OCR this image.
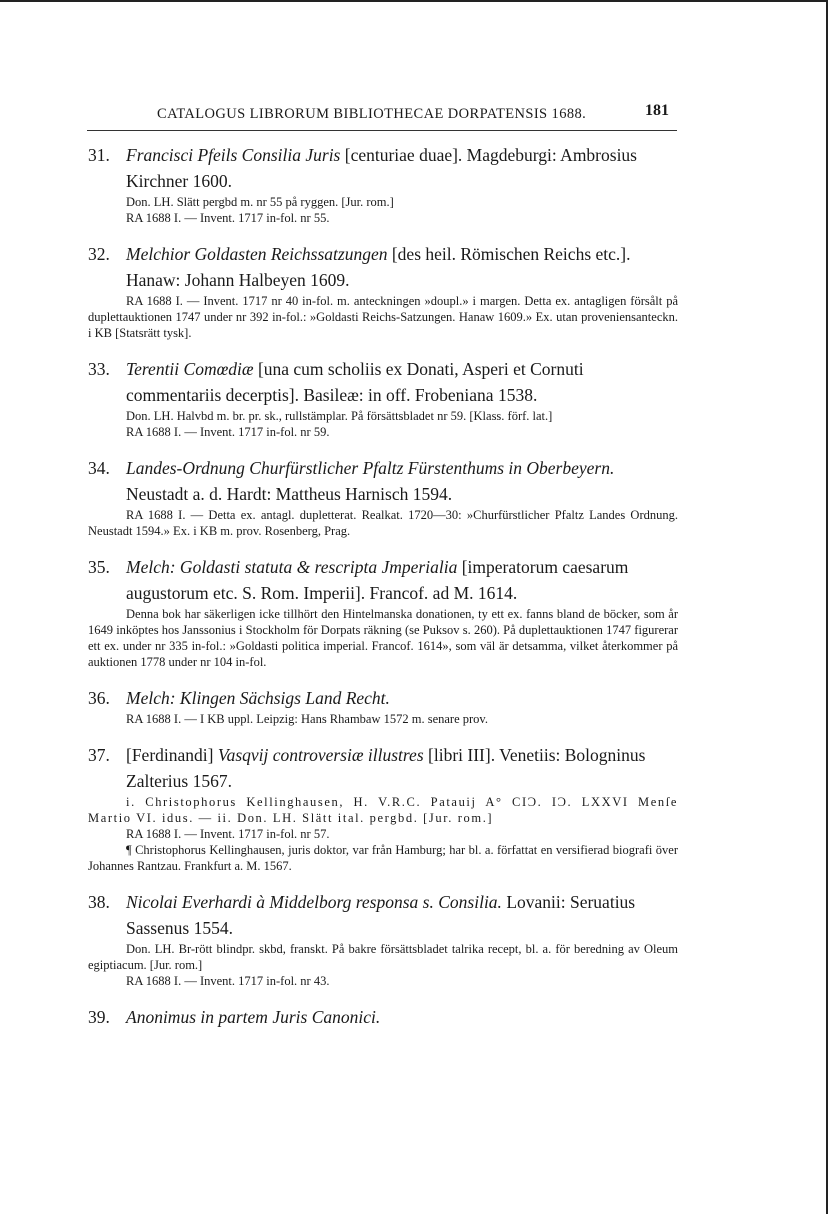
CATALOGUS LIBRORUM BIBLIOTHECAE DORPATENSIS 1688.	181
31. Francisci Pfeils Consilia Juris [centuriae duae]. Magdeburgi: Ambrosius Kirchner 1600.

Don. LH. Slätt pergbd m. nr 55 på ryggen. [Jur. rom.]

RA 1688 I. — Invent. 1717 in-fol. nr 55.

32. Melchior Goldasten Reichssatzungen [des heil. Römischen Reichs etc.]. Hanaw: Johann Halbeyen 1609.

RA 1688 I. — Invent. 1717 nr 40 in-fol. m. anteckningen »doupl.» i margen. Detta ex. antagligen försålt på duplettauktionen 1747 under nr 392 in-fol.: »Goldasti Reichs-Satzungen. Hanaw 1609.» Ex. utan proveniensanteckn. i KB [Statsrätt tysk].

33. Terentii Comœdiæ [una cum scholiis ex Donati, Asperi et Cornuti commentariis decerptis]. Basileæ: in off. Frobeniana 1538.

Don. LH. Halvbd m. br. pr. sk., rullstämplar. På försättsbladet nr 59. [Klass. förf. lat.]

RA 1688 I. — Invent. 1717 in-fol. nr 59.

34. Landes-Ordnung Churfürstlicher Pfaltz Fürstenthums in Oberbeyern. Neustadt a. d. Hardt: Mattheus Harnisch 1594.

RA 1688 I. — Detta ex. antagl. dupletterat. Realkat. 1720—30: »Churfürstlicher Pfaltz Landes Ordnung. Neustadt 1594.» Ex. i KB m. prov. Rosenberg, Prag.

35. Melch: Goldasti statuta & rescripta Jmperialia [imperatorum caesarum augustorum etc. S. Rom. Imperii]. Francof. ad M. 1614.

Denna bok har säkerligen icke tillhört den Hintelmanska donationen, ty ett ex. fanns bland de böcker, som år 1649 inköptes hos Janssonius i Stockholm för Dorpats räkning (se Puksov s. 260). På duplettauktionen 1747 figurerar ett ex. under nr 335 in-fol.: »Goldasti politica imperial. Francof. 1614», som väl är detsamma, vilket återkommer på auktionen 1778 under nr 104 in-fol.

36. Melch: Klingen Sächsigs Land Recht.

RA 1688 I. — I KB uppl. Leipzig: Hans Rhambaw 1572 m. senare prov.

37. [Ferdinandi] Vasqvij controversiæ illustres [libri III]. Venetiis: Bologninus Zalterius 1567.

i. Christophorus Kellinghausen, H. V.R.C. Patauij A° CIƆ. IƆ. LXXVI Menſe Martio VI. idus. — ii. Don. LH. Slätt ital. pergbd. [Jur. rom.]

RA 1688 I. — Invent. 1717 in-fol. nr 57.

¶ Christophorus Kellinghausen, juris doktor, var från Hamburg; har bl. a. författat en versifierad biografi över Johannes Rantzau. Frankfurt a. M. 1567.

38. Nicolai Everhardi à Middelborg responsa s. Consilia. Lovanii: Seruatius Sassenus 1554.

Don. LH. Br-rött blindpr. skbd, franskt. På bakre försättsbladet talrika recept, bl. a. för beredning av Oleum egiptiacum. [Jur. rom.]

RA 1688 I. — Invent. 1717 in-fol. nr 43.

39. Anonimus in partem Juris Canonici.
